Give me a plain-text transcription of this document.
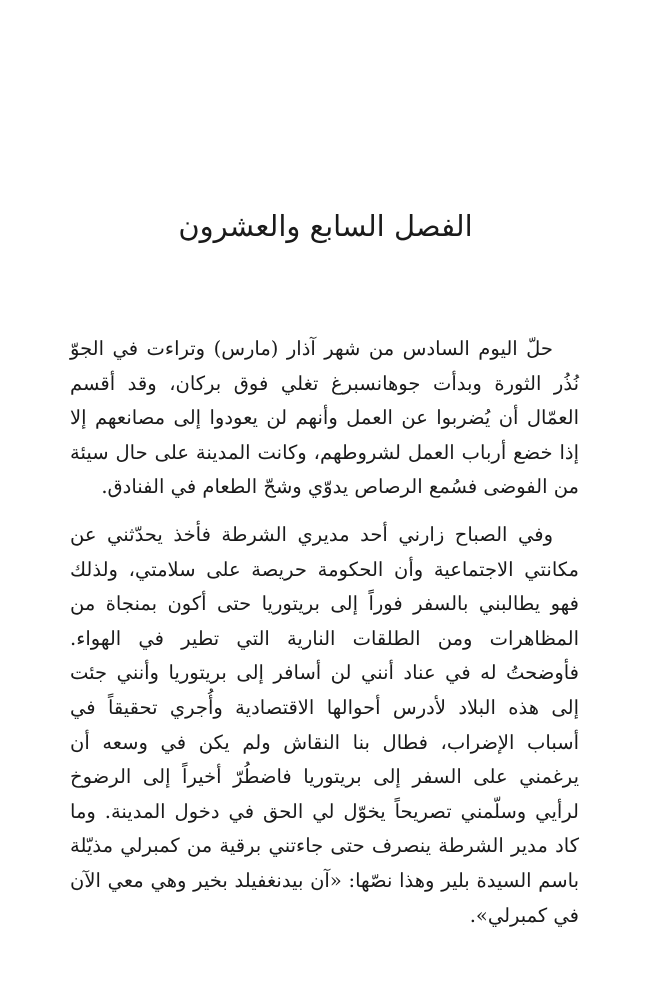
الفصل السابع والعشرون

حلّ اليوم السادس من شهر آذار (مارس) وتراءت في الجوّ نُذُر الثورة وبدأت جوهانسبرغ تغلي فوق بركان، وقد أقسم العمّال أن يُضربوا عن العمل وأنهم لن يعودوا إلى مصانعهم إلا إذا خضع أرباب العمل لشروطهم، وكانت المدينة على حال سيئة من الفوضى فسُمع الرصاص يدوّي وشحّ الطعام في الفنادق.

وفي الصباح زارني أحد مديري الشرطة فأخذ يحدّثني عن مكانتي الاجتماعية وأن الحكومة حريصة على سلامتي، ولذلك فهو يطالبني بالسفر فوراً إلى بريتوريا حتى أكون بمنجاة من المظاهرات ومن الطلقات النارية التي تطير في الهواء. فأوضحتُ له في عناد أنني لن أسافر إلى بريتوريا وأنني جئت إلى هذه البلاد لأدرس أحوالها الاقتصادية وأُجري تحقيقاً في أسباب الإضراب، فطال بنا النقاش ولم يكن في وسعه أن يرغمني على السفر إلى بريتوريا فاضطُرّ أخيراً إلى الرضوخ لرأيي وسلّمني تصريحاً يخوّل لي الحق في دخول المدينة. وما كاد مدير الشرطة ينصرف حتى جاءتني برقية من كمبرلي مذيّلة باسم السيدة بلير وهذا نصّها: «آن بيدنغفيلد بخير وهي معي الآن في كمبرلي».
